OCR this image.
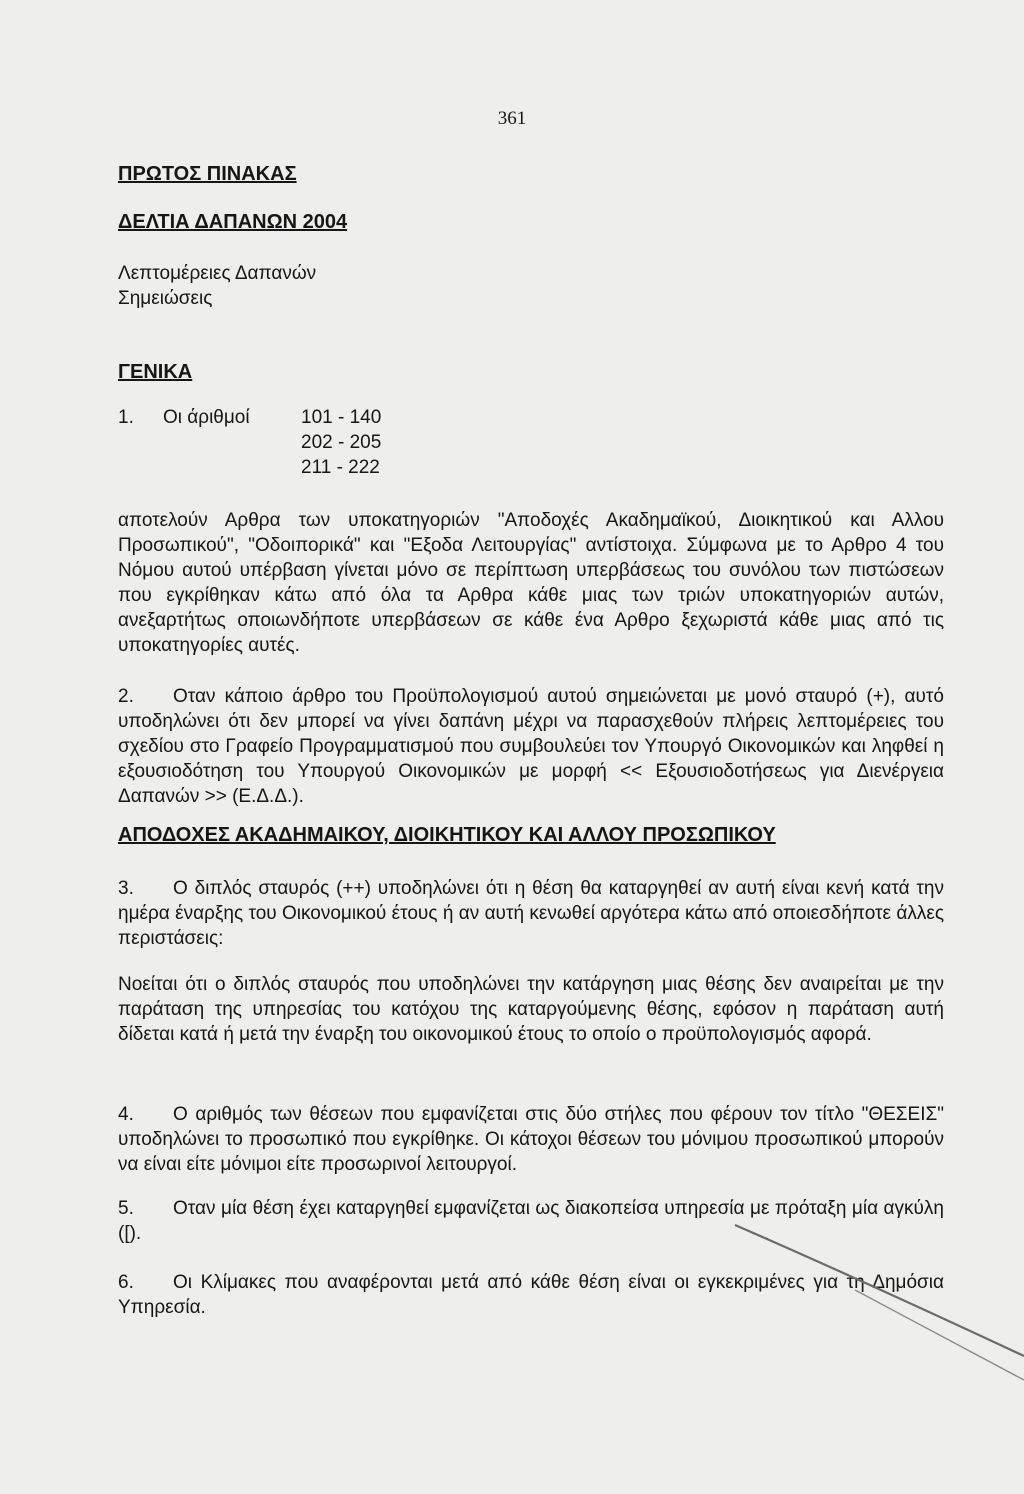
361
ΠΡΩΤΟΣ ΠΙΝΑΚΑΣ
ΔΕΛΤΙΑ ΔΑΠΑΝΩΝ 2004
Λεπτομέρειες Δαπανών
Σημειώσεις
ΓΕΝΙΚΑ
1. Οι άριθμοί	101 - 140
202 - 205
211 - 222

αποτελούν Αρθρα των υποκατηγοριών "Αποδοχές Ακαδημαϊκού, Διοικητικού και Αλλου Προσωπικού", "Οδοιπορικά" και "Εξοδα Λειτουργίας" αντίστοιχα. Σύμφωνα με το Αρθρο 4 του Νόμου αυτού υπέρβαση γίνεται μόνο σε περίπτωση υπερβάσεως του συνόλου των πιστώσεων που εγκρίθηκαν κάτω από όλα τα Αρθρα κάθε μιας των τριών υποκατηγοριών αυτών, ανεξαρτήτως οποιωνδήποτε υπερβάσεων σε κάθε ένα Αρθρο ξεχωριστά κάθε μιας από τις υποκατηγορίες αυτές.

2. Οταν κάποιο άρθρο του Προϋπολογισμού αυτού σημειώνεται με μονό σταυρό (+), αυτό υποδηλώνει ότι δεν μπορεί να γίνει δαπάνη μέχρι να παρασχεθούν πλήρεις λεπτομέρειες του σχεδίου στο Γραφείο Προγραμματισμού που συμβουλεύει τον Υπουργό Οικονομικών και ληφθεί η εξουσιοδότηση του Υπουργού Οικονομικών με μορφή << Εξουσιοδοτήσεως για Διενέργεια Δαπανών >> (Ε.Δ.Δ.).

ΑΠΟΔΟΧΕΣ ΑΚΑΔΗΜΑΙΚΟΥ, ΔΙΟΙΚΗΤΙΚΟΥ ΚΑΙ ΑΛΛΟΥ ΠΡΟΣΩΠΙΚΟΥ

3. Ο διπλός σταυρός (++) υποδηλώνει ότι η θέση θα καταργηθεί αν αυτή είναι κενή κατά την ημέρα έναρξης του Οικονομικού έτους ή αν αυτή κενωθεί αργότερα κάτω από οποιεσδήποτε άλλες περιστάσεις:

Νοείται ότι ο διπλός σταυρός που υποδηλώνει την κατάργηση μιας θέσης δεν αναιρείται με την παράταση της υπηρεσίας του κατόχου της καταργούμενης θέσης, εφόσον η παράταση αυτή δίδεται κατά ή μετά την έναρξη του οικονομικού έτους το οποίο ο προϋπολογισμός αφορά.

4. Ο αριθμός των θέσεων που εμφανίζεται στις δύο στήλες που φέρουν τον τίτλο "ΘΕΣΕΙΣ" υποδηλώνει το προσωπικό που εγκρίθηκε. Οι κάτοχοι θέσεων του μόνιμου προσωπικού μπορούν να είναι είτε μόνιμοι είτε προσωρινοί λειτουργοί.

5. Οταν μία θέση έχει καταργηθεί εμφανίζεται ως διακοπείσα υπηρεσία με πρόταξη μία αγκύλη ([).

6. Οι Κλίμακες που αναφέρονται μετά από κάθε θέση είναι οι εγκεκριμένες για τη Δημόσια Υπηρεσία.
